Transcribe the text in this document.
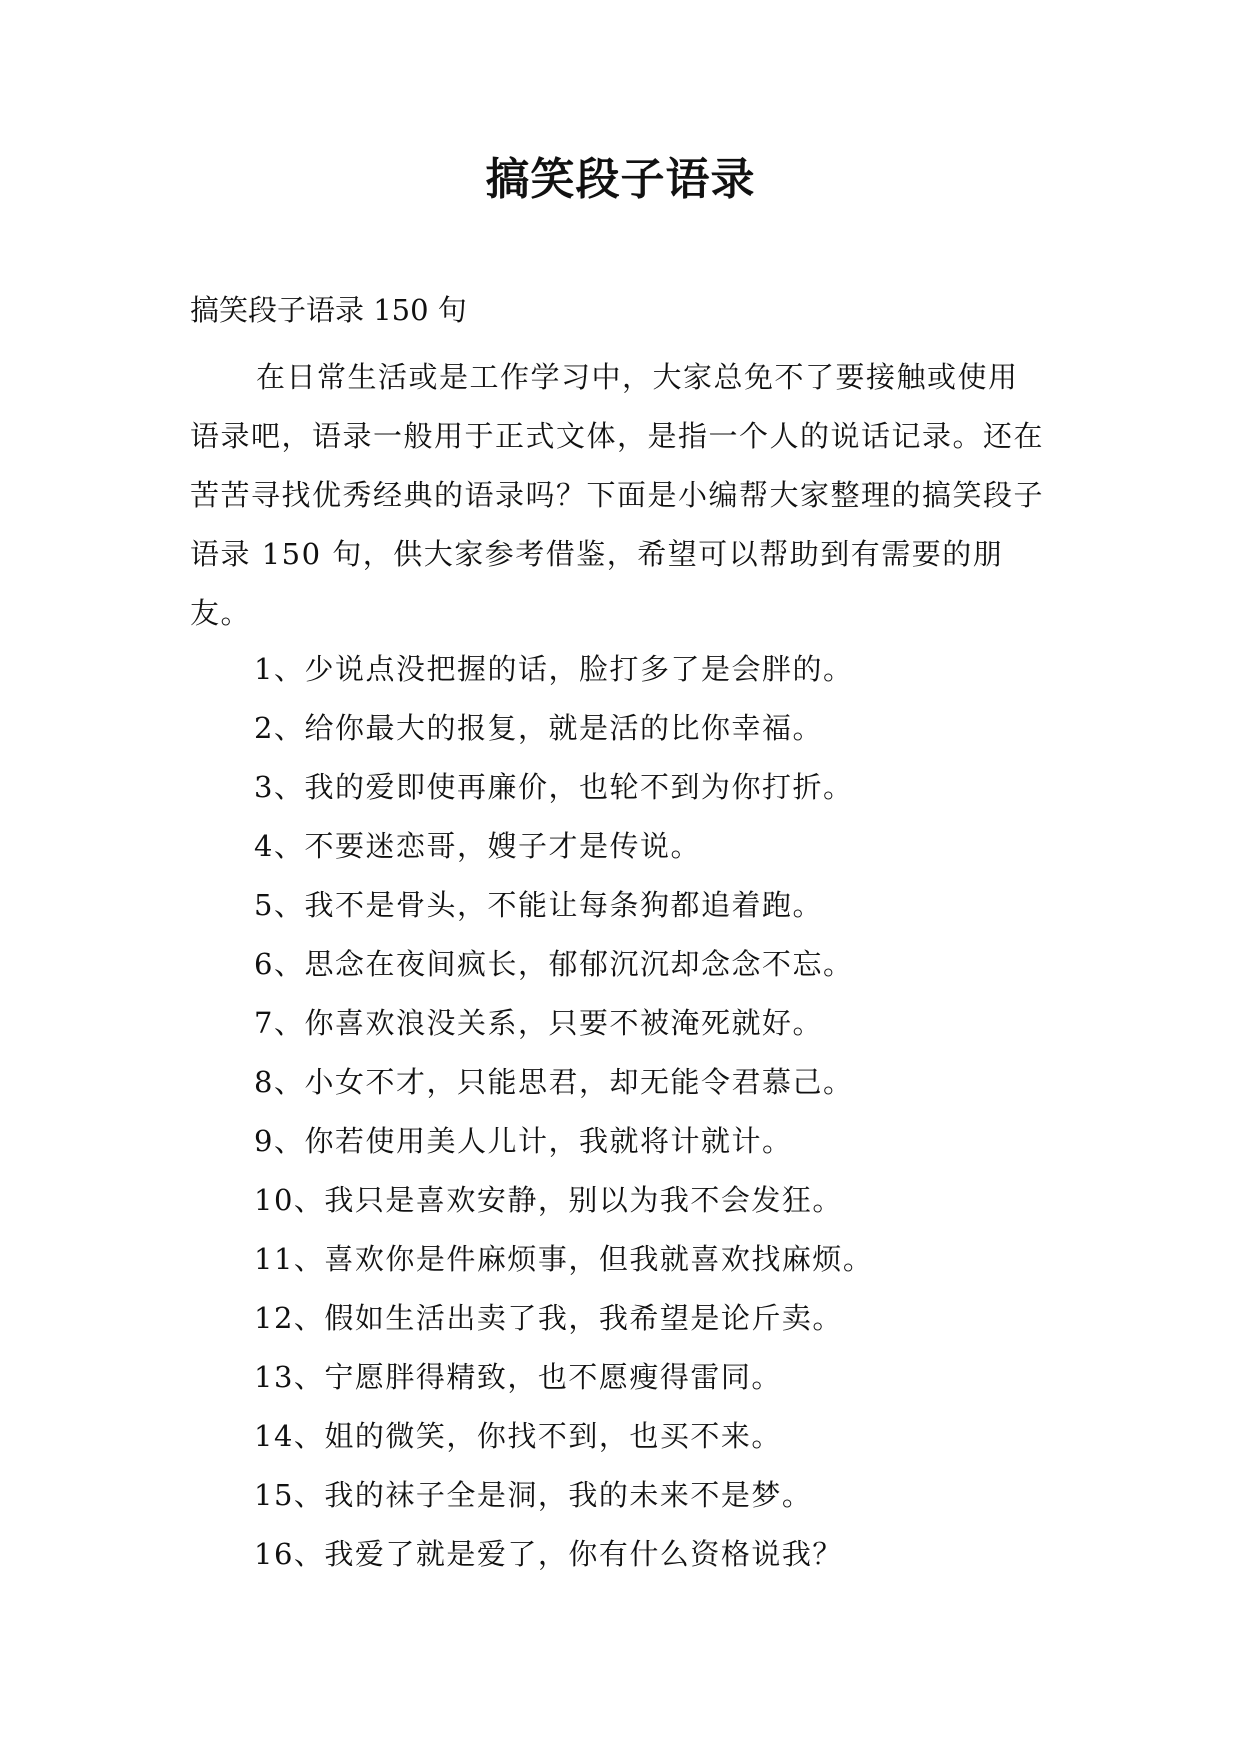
搞笑段子语录

搞笑段子语录 150 句

在日常生活或是工作学习中，大家总免不了要接触或使用语录吧，语录一般用于正式文体，是指一个人的说话记录。还在苦苦寻找优秀经典的语录吗？下面是小编帮大家整理的搞笑段子语录 150 句，供大家参考借鉴，希望可以帮助到有需要的朋友。

1、少说点没把握的话，脸打多了是会胖的。
2、给你最大的报复，就是活的比你幸福。
3、我的爱即使再廉价，也轮不到为你打折。
4、不要迷恋哥，嫂子才是传说。
5、我不是骨头，不能让每条狗都追着跑。
6、思念在夜间疯长，郁郁沉沉却念念不忘。
7、你喜欢浪没关系，只要不被淹死就好。
8、小女不才，只能思君，却无能令君慕己。
9、你若使用美人儿计，我就将计就计。
10、我只是喜欢安静，别以为我不会发狂。
11、喜欢你是件麻烦事，但我就喜欢找麻烦。
12、假如生活出卖了我，我希望是论斤卖。
13、宁愿胖得精致，也不愿瘦得雷同。
14、姐的微笑，你找不到，也买不来。
15、我的袜子全是洞，我的未来不是梦。
16、我爱了就是爱了，你有什么资格说我？
